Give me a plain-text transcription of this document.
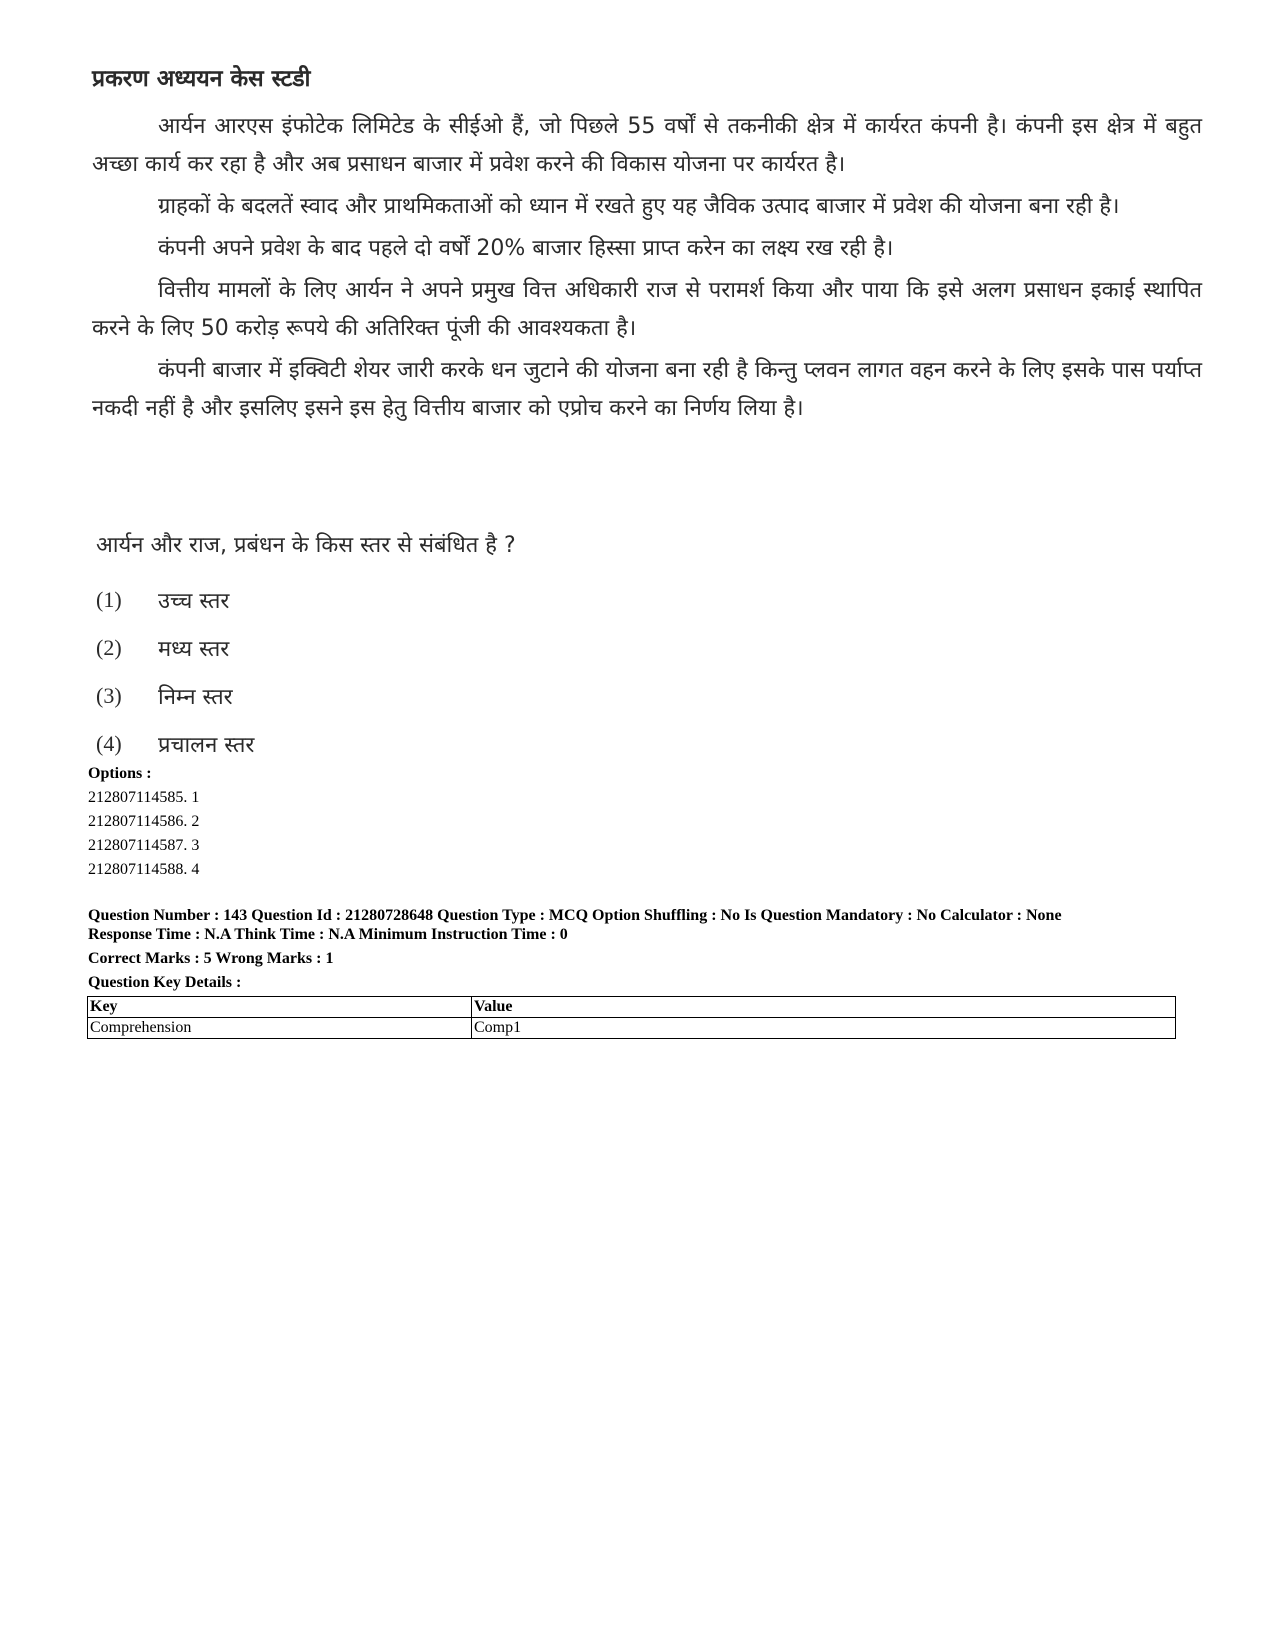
प्रकरण अध्ययन केस स्टडी

आर्यन आरएस इंफोटेक लिमिटेड के सीईओ हैं, जो पिछले 55 वर्षों से तकनीकी क्षेत्र में कार्यरत कंपनी है। कंपनी इस क्षेत्र में बहुत अच्छा कार्य कर रहा है और अब प्रसाधन बाजार में प्रवेश करने की विकास योजना पर कार्यरत है।

ग्राहकों के बदलतें स्वाद और प्राथमिकताओं को ध्यान में रखते हुए यह जैविक उत्पाद बाजार में प्रवेश की योजना बना रही है।

कंपनी अपने प्रवेश के बाद पहले दो वर्षों 20% बाजार हिस्सा प्राप्त करेन का लक्ष्य रख रही है।

वित्तीय मामलों के लिए आर्यन ने अपने प्रमुख वित्त अधिकारी राज से परामर्श किया और पाया कि इसे अलग प्रसाधन इकाई स्थापित करने के लिए 50 करोड़ रूपये की अतिरिक्त पूंजी की आवश्यकता है।

कंपनी बाजार में इक्विटी शेयर जारी करके धन जुटाने की योजना बना रही है किन्तु प्लवन लागत वहन करने के लिए इसके पास पर्याप्त नकदी नहीं है और इसलिए इसने इस हेतु वित्तीय बाजार को एप्रोच करने का निर्णय लिया है।

आर्यन और राज, प्रबंधन के किस स्तर से संबंधित है ?
(1)	उच्च स्तर
(2)	मध्य स्तर
(3)	निम्न स्तर
(4)	प्रचालन स्तर
Options :
212807114585. 1
212807114586. 2
212807114587. 3
212807114588. 4
Question Number : 143 Question Id : 21280728648 Question Type : MCQ Option Shuffling : No Is Question Mandatory : No Calculator : None
Response Time : N.A Think Time : N.A Minimum Instruction Time : 0
Correct Marks : 5 Wrong Marks : 1
Question Key Details :
Key	Value
Comprehension	Comp1
